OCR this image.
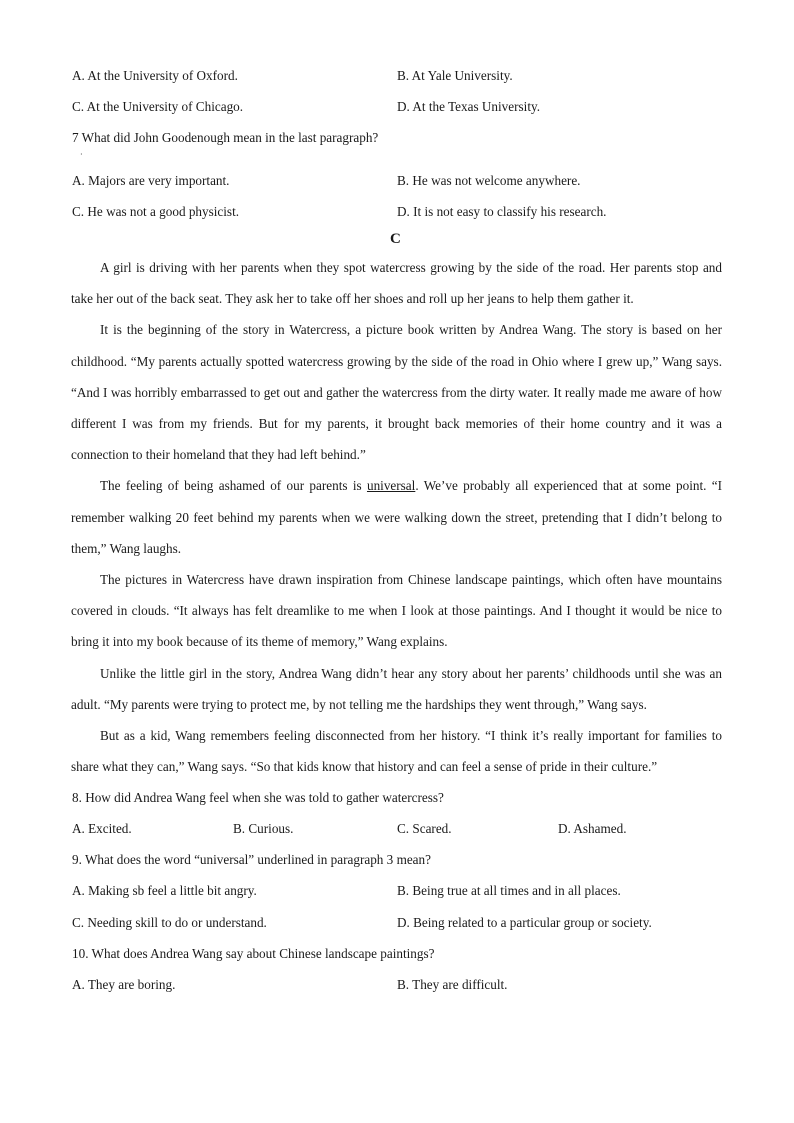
A. At the University of Oxford.	B. At Yale University.
C. At the University of Chicago.	D. At the Texas University.
7 What did John Goodenough mean in the last paragraph?
·
A. Majors are very important.	B. He was not welcome anywhere.
C. He was not a good physicist.	D. It is not easy to classify his research.
C

A girl is driving with her parents when they spot watercress growing by the side of the road. Her parents stop and take her out of the back seat. They ask her to take off her shoes and roll up her jeans to help them gather it.

It is the beginning of the story in Watercress, a picture book written by Andrea Wang. The story is based on her childhood. “My parents actually spotted watercress growing by the side of the road in Ohio where I grew up,” Wang says. “And I was horribly embarrassed to get out and gather the watercress from the dirty water. It really made me aware of how different I was from my friends. But for my parents, it brought back memories of their home country and it was a connection to their homeland that they had left behind.”

The feeling of being ashamed of our parents is universal. We’ve probably all experienced that at some point. “I remember walking 20 feet behind my parents when we were walking down the street, pretending that I didn’t belong to them,” Wang laughs.

The pictures in Watercress have drawn inspiration from Chinese landscape paintings, which often have mountains covered in clouds. “It always has felt dreamlike to me when I look at those paintings. And I thought it would be nice to bring it into my book because of its theme of memory,” Wang explains.

Unlike the little girl in the story, Andrea Wang didn’t hear any story about her parents’ childhoods until she was an adult. “My parents were trying to protect me, by not telling me the hardships they went through,” Wang says.

But as a kid, Wang remembers feeling disconnected from her history. “I think it’s really important for families to share what they can,” Wang says. “So that kids know that history and can feel a sense of pride in their culture.”

8. How did Andrea Wang feel when she was told to gather watercress?
A. Excited.	B. Curious.	C. Scared.	D. Ashamed.
9. What does the word “universal” underlined in paragraph 3 mean?
A. Making sb feel a little bit angry.	B. Being true at all times and in all places.
C. Needing skill to do or understand.	D. Being related to a particular group or society.
10. What does Andrea Wang say about Chinese landscape paintings?
A. They are boring.	B. They are difficult.
